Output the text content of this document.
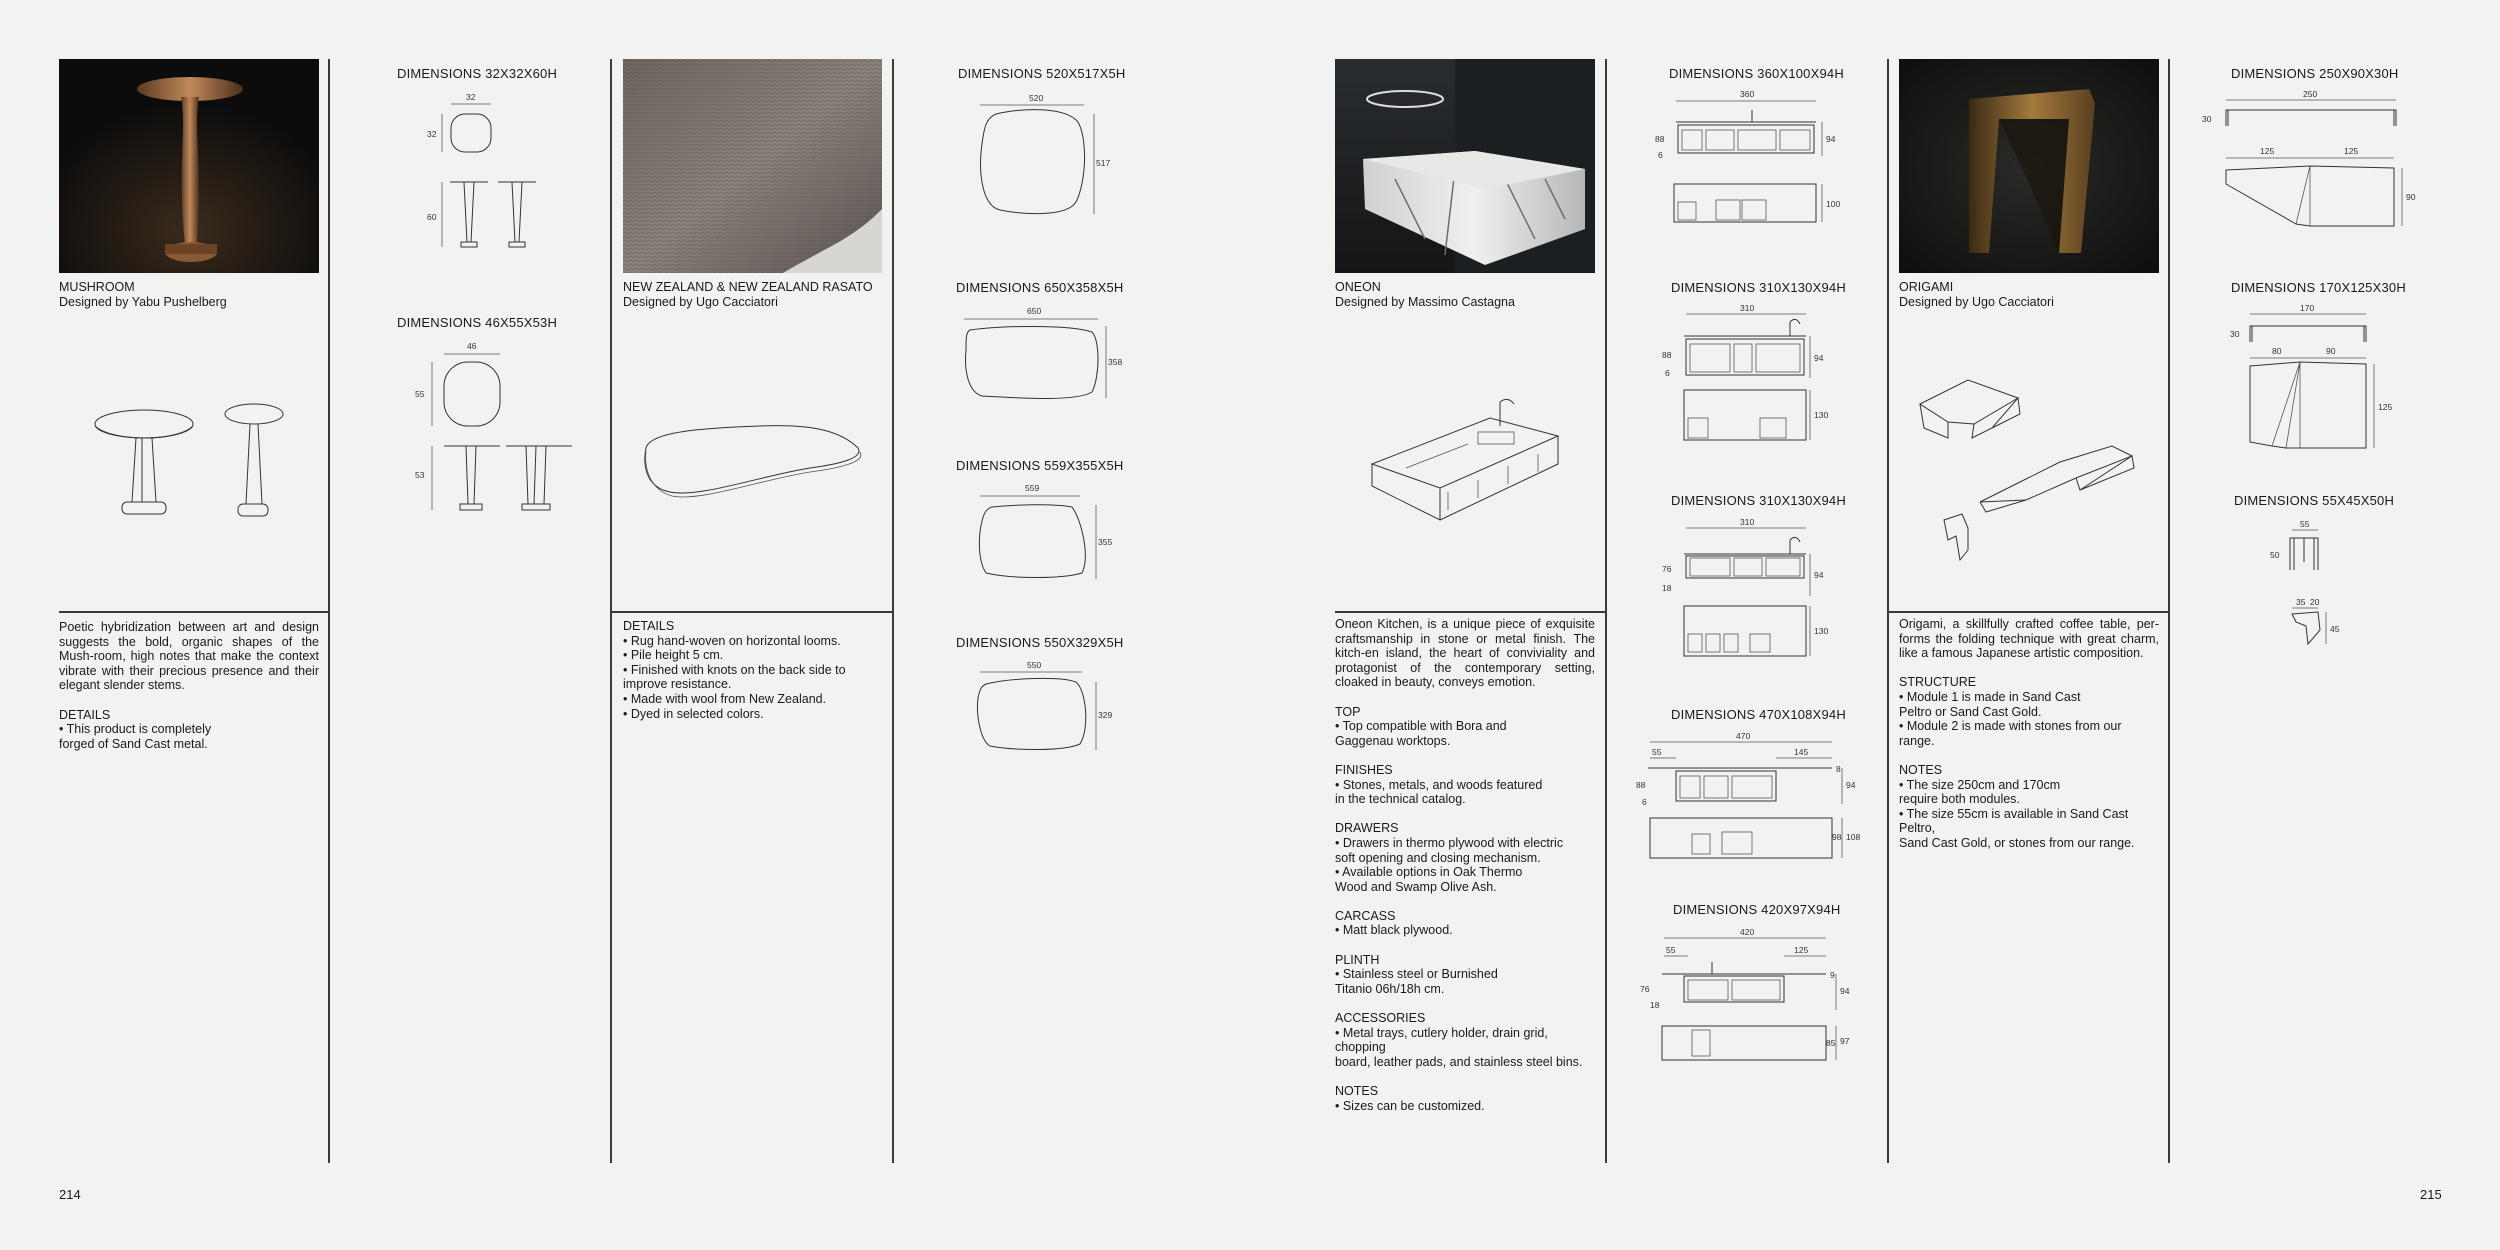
MUSHROOM
Designed by Yabu Pushelberg

Poetic hybridization between art and design suggests the bold, organic shapes of the Mush-room, high notes that make the context vibrate with their precious presence and their elegant slender stems.

DETAILS
• This product is completely
forged of Sand Cast metal.
DIMENSIONS 32X32X60H
32
32
60
DIMENSIONS 46X55X53H
46
55
53
NEW ZEALAND & NEW ZEALAND RASATO
Designed by Ugo Cacciatori
DETAILS
• Rug hand-woven on horizontal looms.
• Pile height 5 cm.
• Finished with knots on the back side to improve resistance.
• Made with wool from New Zealand.
• Dyed in selected colors.
DIMENSIONS 520X517X5H
520
517
DIMENSIONS 650X358X5H
650
358
DIMENSIONS 559X355X5H
559
355
DIMENSIONS 550X329X5H
550
329
214
ONEON
Designed by Massimo Castagna

Oneon Kitchen, is a unique piece of exquisite craftsmanship in stone or metal finish. The kitch-en island, the heart of conviviality and protagonist of the contemporary setting, cloaked in beauty, conveys emotion.

TOP
• Top compatible with Bora and
Gaggenau worktops.
FINISHES
• Stones, metals, and woods featured
in the technical catalog.
DRAWERS
• Drawers in thermo plywood with electric
soft opening and closing mechanism.
• Available options in Oak Thermo
Wood and Swamp Olive Ash.
CARCASS
• Matt black plywood.
PLINTH
• Stainless steel or Burnished
Titanio 06h/18h cm.
ACCESSORIES
• Metal trays, cutlery holder, drain grid, chopping
board, leather pads, and stainless steel bins.
NOTES
• Sizes can be customized.
DIMENSIONS 360X100X94H
360
88
6
94
100
DIMENSIONS 310X130X94H
310
88
6
94
130
DIMENSIONS 310X130X94H
310
76
18
94
130
DIMENSIONS 470X108X94H
470
55	145
88
6
8
94
98 108
DIMENSIONS 420X97X94H
420
55	125
76
18
9
94
85 97
ORIGAMI
Designed by Ugo Cacciatori

Origami, a skillfully crafted coffee table, per-forms the folding technique with great charm, like a famous Japanese artistic composition.

STRUCTURE
• Module 1 is made in Sand Cast
Peltro or Sand Cast Gold.
• Module 2 is made with stones from our range.
NOTES
• The size 250cm and 170cm
require both modules.
• The size 55cm is available in Sand Cast Peltro,
Sand Cast Gold, or stones from our range.
DIMENSIONS 250X90X30H
250
30
125	125
90
DIMENSIONS 170X125X30H
170
30
80	90
125
DIMENSIONS 55X45X50H
55
50
35 20
45
215
